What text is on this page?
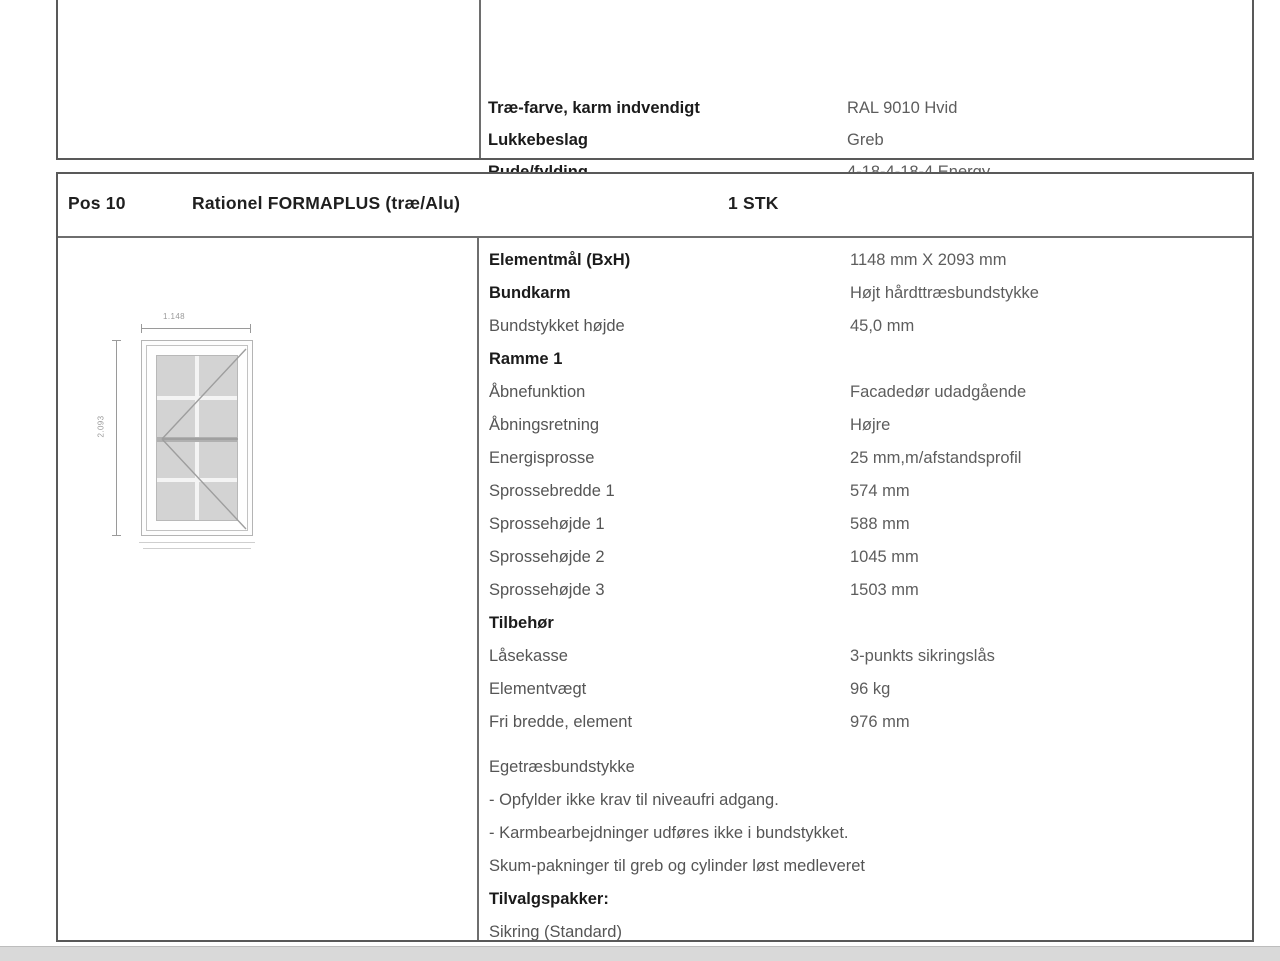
Træ-farve, karm indvendigt	RAL 9010 Hvid
Lukkebeslag	Greb
Pos 10	Rationel FORMAPLUS (træ/Alu)	1 STK
1.148
2.093
Elementmål (BxH)	1148 mm X 2093 mm
Bundkarm	Højt hårdttræsbundstykke
Bundstykket højde	45,0 mm
Ramme 1
Åbnefunktion	Facadedør udadgående
Åbningsretning	Højre
Energisprosse	25 mm,m/afstandsprofil
Sprossebredde 1	574 mm
Sprossehøjde 1	588 mm
Sprossehøjde 2	1045 mm
Sprossehøjde 3	1503 mm
Tilbehør
Låsekasse	3-punkts sikringslås
Elementvægt	96 kg
Fri bredde, element	976 mm
Egetræsbundstykke
- Opfylder ikke krav til niveaufri adgang.
- Karmbearbejdninger udføres ikke i bundstykket.
Skum-pakninger til greb og cylinder løst medleveret
Tilvalgspakker:
Sikring (Standard)
